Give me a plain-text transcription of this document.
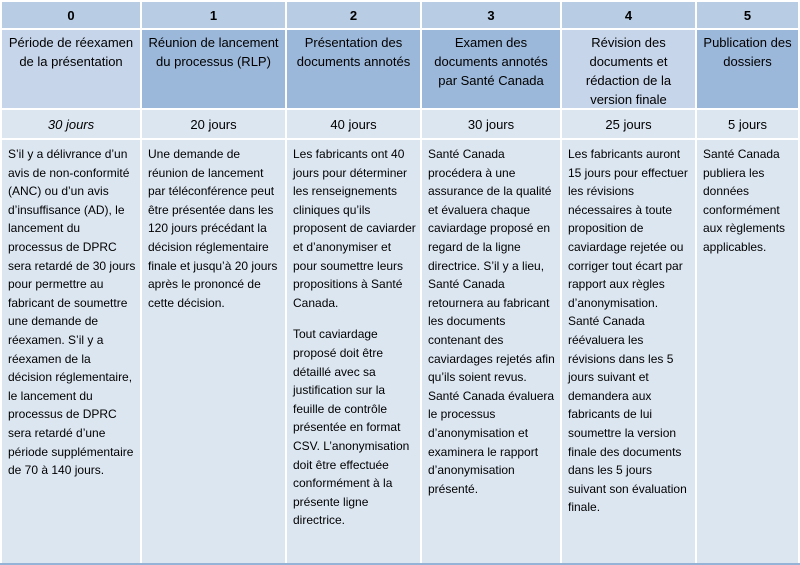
0
Période de réexamen de la présentation
30 jours

S’il y a délivrance d’un avis de non-conformité (ANC) ou d’un avis d’insuffisance (AD), le lancement du processus de DPRC sera retardé de 30 jours pour permettre au fabricant de soumettre une demande de réexamen. S’il y a réexamen de la décision réglementaire, le lancement du processus de DPRC sera retardé d’une période supplémentaire de 70 à 140 jours.

1
Réunion de lancement du processus (RLP)
20 jours

Une demande de réunion de lancement par téléconférence peut être présentée dans les 120 jours précédant la décision réglementaire finale et jusqu’à 20 jours après le prononcé de cette décision.

2
Présentation des documents annotés
40 jours

Les fabricants ont 40 jours pour déterminer les renseignements cliniques qu’ils proposent de caviarder et d’anonymiser et pour soumettre leurs propositions à Santé Canada.

Tout caviardage proposé doit être détaillé avec sa justification sur la feuille de contrôle présentée en format CSV. L’anonymisation doit être effectuée conformément à la présente ligne directrice.

3
Examen des documents annotés par Santé Canada
30 jours

Santé Canada procédera à une assurance de la qualité et évaluera chaque caviardage proposé en regard de la ligne directrice. S’il y a lieu, Santé Canada retournera au fabricant les documents contenant des caviardages rejetés afin qu’ils soient revus. Santé Canada évaluera le processus d’anonymisation et examinera le rapport d’anonymisation présenté.

4
Révision des documents et rédaction de la version finale
25 jours

Les fabricants auront 15 jours pour effectuer les révisions nécessaires à toute proposition de caviardage rejetée ou corriger tout écart par rapport aux règles d’anonymisation. Santé Canada réévaluera les révisions dans les 5 jours suivant et demandera aux fabricants de lui soumettre la version finale des documents dans les 5 jours suivant son évaluation finale.

5
Publication des dossiers
5 jours

Santé Canada publiera les données conformément aux règlements applicables.
